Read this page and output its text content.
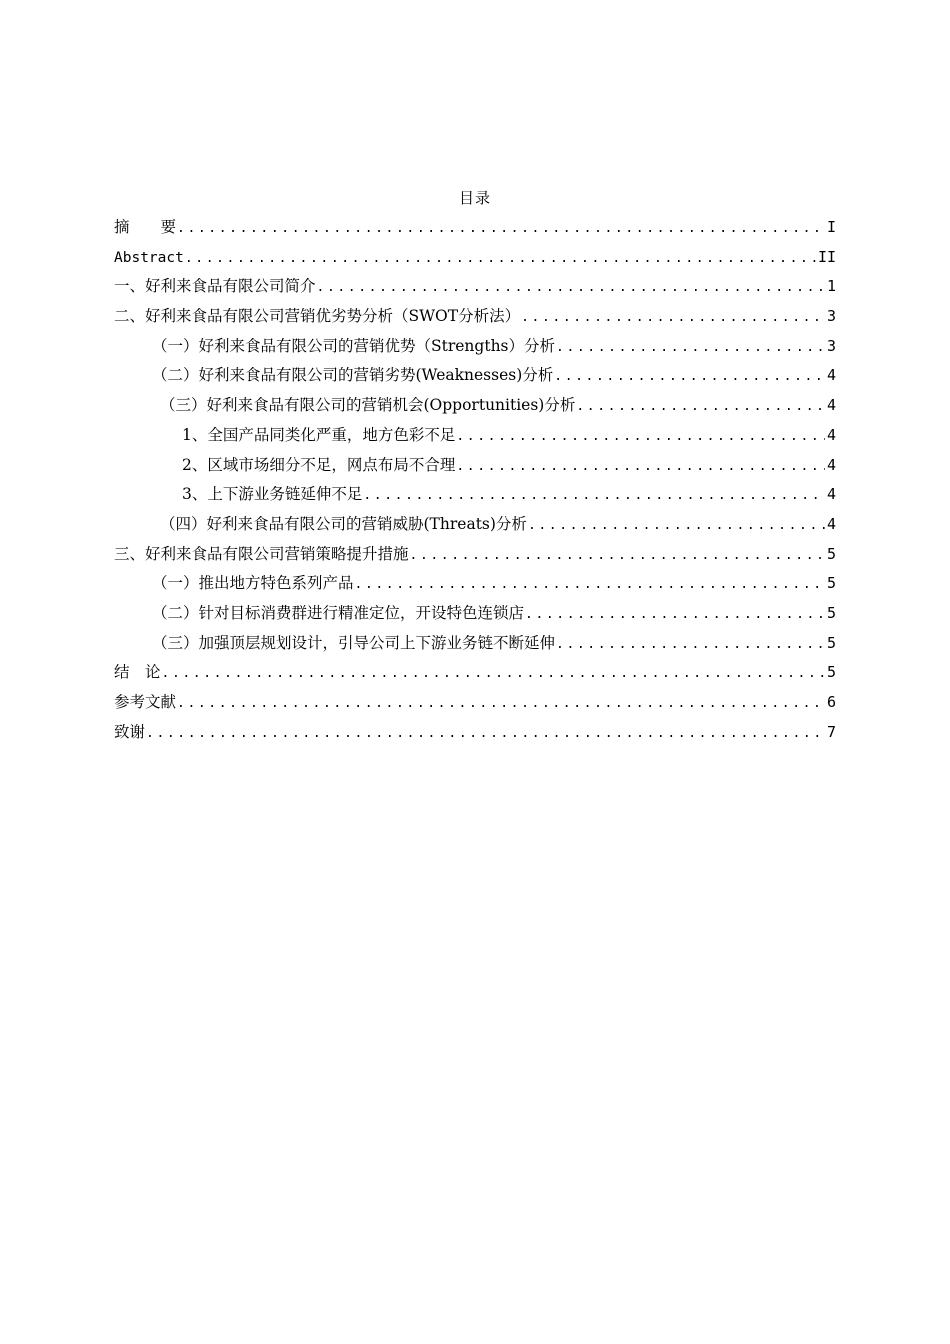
目录
摘　　要 .....	I
Abstract .....	II
一、好利来食品有限公司简介 .....	1
二、好利来食品有限公司营销优劣势分析（SWOT分析法） .....	3
（一）好利来食品有限公司的营销优势（Strengths）分析 .....	3
（二）好利来食品有限公司的营销劣势(Weaknesses)分析 .....	4
（三）好利来食品有限公司的营销机会(Opportunities)分析 .....	4
1、全国产品同类化严重，地方色彩不足 .....	4
2、区域市场细分不足，网点布局不合理 .....	4
3、上下游业务链延伸不足 .....	4
（四）好利来食品有限公司的营销威胁(Threats)分析 .....	4
三、好利来食品有限公司营销策略提升措施 .....	5
（一）推出地方特色系列产品 .....	5
（二）针对目标消费群进行精准定位，开设特色连锁店 .....	5
（三）加强顶层规划设计，引导公司上下游业务链不断延伸 .....	5
结　论 .....	5
参考文献 .....	6
致谢 .....	7
